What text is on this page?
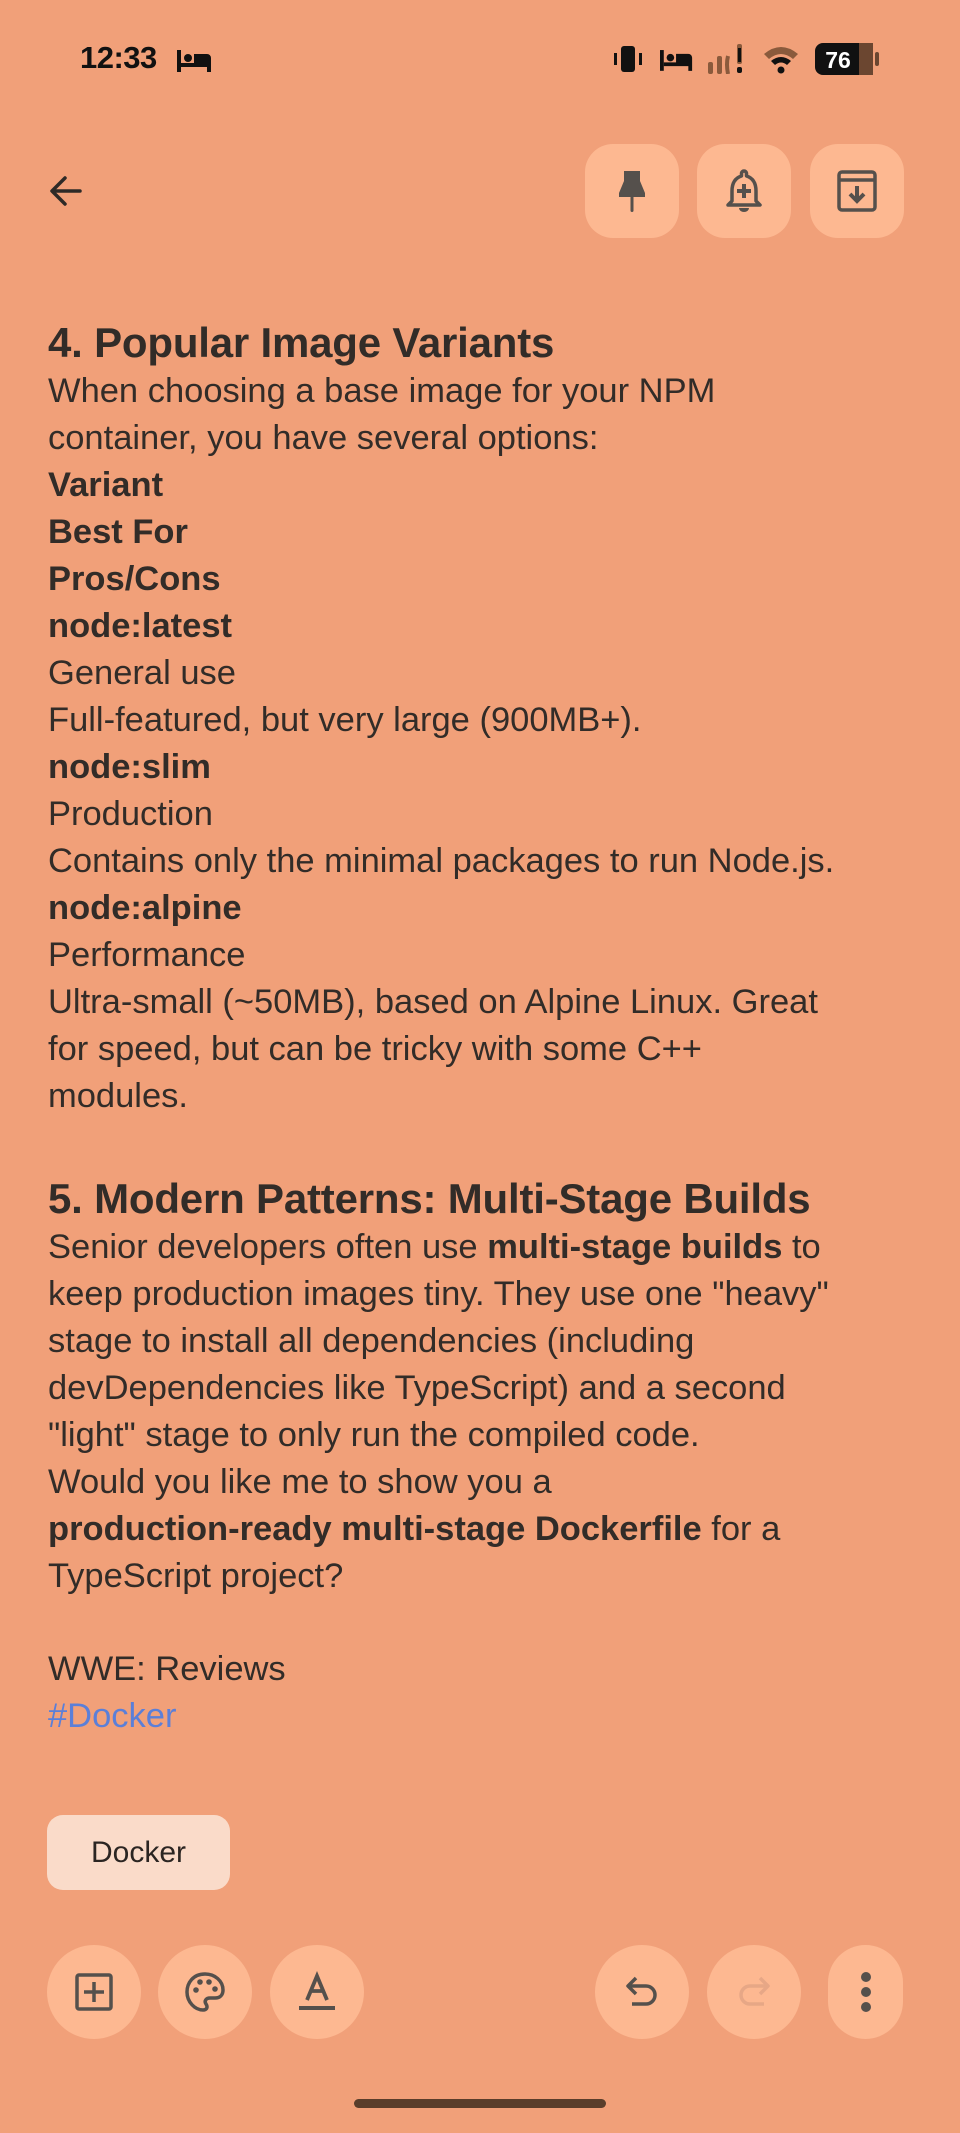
12:33	76
4. Popular Image Variants
When choosing a base image for your NPM
container, you have several options:
Variant
Best For
Pros/Cons
node:latest
General use
Full-featured, but very large (900MB+).
node:slim
Production
Contains only the minimal packages to run Node.js.
node:alpine
Performance
Ultra-small (~50MB), based on Alpine Linux. Great
for speed, but can be tricky with some C++
modules.
5. Modern Patterns: Multi-Stage Builds
Senior developers often use multi-stage builds to
keep production images tiny. They use one "heavy"
stage to install all dependencies (including
devDependencies like TypeScript) and a second
"light" stage to only run the compiled code.
Would you like me to show you a
production-ready multi-stage Dockerfile for a
TypeScript project?
WWE: Reviews
#Docker
Docker
